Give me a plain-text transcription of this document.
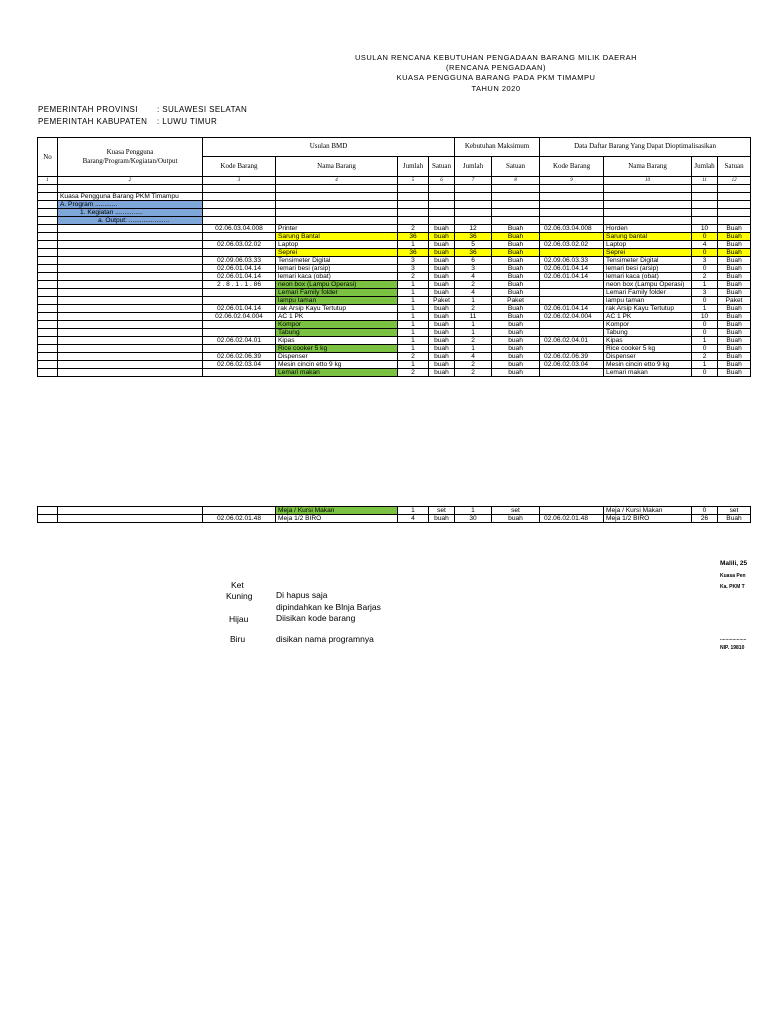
USULAN RENCANA KEBUTUHAN PENGADAAN BARANG MILIK DAERAH
(RENCANA PENGADAAN)
KUASA PENGGUNA BARANG PADA PKM TIMAMPU
TAHUN 2020
PEMERINTAH PROVINSI : SULAWESI SELATAN
PEMERINTAH KABUPATEN : LUWU TIMUR
No	Kuasa Pengguna Barang/Program/Kegiatan/Output	Usulan BMD				Kebutuhan Maksimum		Data Daftar Barang Yang Dapat Dioptimalisasikan			
		Kode Barang	Nama Barang	Jumlah	Satuan	Jumlah	Satuan	Kode Barang	Nama Barang	Jumlah	Satuan
1	2	3	4	5	6	7	8	9	10	11	12

	Kuasa Pengguna Barang PKM Timampu										
	A. Program ............										
	1. Kegiatan ...............										
	a. Output: ......................										
		02.06.03.04.008	Printer	2	buah	12	Buah	02.06.03.04.008	Horden	10	Buah
			Sarung Bantal	36	buah	36	Buah		Sarung bantal	0	Buah
		02.06.03.02.02	Laptop	1	buah	5	Buah	02.06.03.02.02	Laptop	4	Buah
			Seprei	36	buah	36	Buah		Seprei	0	Buah
		02.09.06.03.33	Tensimeter Digital	3	buah	6	Buah	02.09.06.03.33	Tensimeter Digital	3	Buah
		02.06.01.04.14	lemari besi (arsip)	3	buah	3	Buah	02.06.01.04.14	lemari besi (arsip)	0	Buah
		02.06.01.04.14	lemari kaca (obat)	2	buah	4	Buah	02.06.01.04.14	lemari kaca (obat)	2	Buah
		2 . 8 . 1 . 1 . 86	neon box (Lampu Operasi)	1	buah	2	Buah		neon box (Lampu Operasi)	1	Buah
			Lemari Family folder	1	buah	4	Buah		Lemari Family folder	3	Buah
			lampu taman	1	Paket	1	Paket		lampu taman	0	Paket
		02.06.01.04.14	rak Arsip Kayu Tertutup	1	buah	2	Buah	02.06.01.04.14	rak Arsip Kayu Tertutup	1	Buah
		02.06.02.04.004	AC 1 PK	1	buah	11	Buah	02.06.02.04.004	AC 1 PK	10	Buah
			Kompor	1	buah	1	buah		Kompor	0	Buah
			Tabung	1	buah	1	buah		Tabung	0	Buah
		02.06.02.04.01	Kipas	1	buah	2	buah	02.06.02.04.01	Kipas	1	Buah
			Rice cooker 5 kg	1	buah	1	buah		Rice cooker 5 kg	0	Buah
		02.06.02.06.39	Dispenser	2	buah	4	buah	02.06.02.06.39	Dispenser	2	Buah
		02.06.02.03.04	Mesin cincin etto 9 kg	1	buah	2	buah	02.06.02.03.04	Mesin cincin etto 9 kg	1	Buah
			Lemari makan	2	buah	2	buah		Lemari makan	0	Buah
			Meja / Kursi Makan	1	set	1	set		Meja / Kursi Makan	0	set
		02.06.02.01.48	Meja 1/2 BIRO	4	buah	30	buah	02.06.02.01.48	Meja 1/2 BIRO	26	Buah
Ket
Kuning	Di hapus saja
dipindahkan ke Blnja Barjas
Hijau	Diisikan kode barang
Biru	disikan nama programnya
Malili, 25
Kuasa Pen
Ka. PKM T
...................
NIP. 19810
